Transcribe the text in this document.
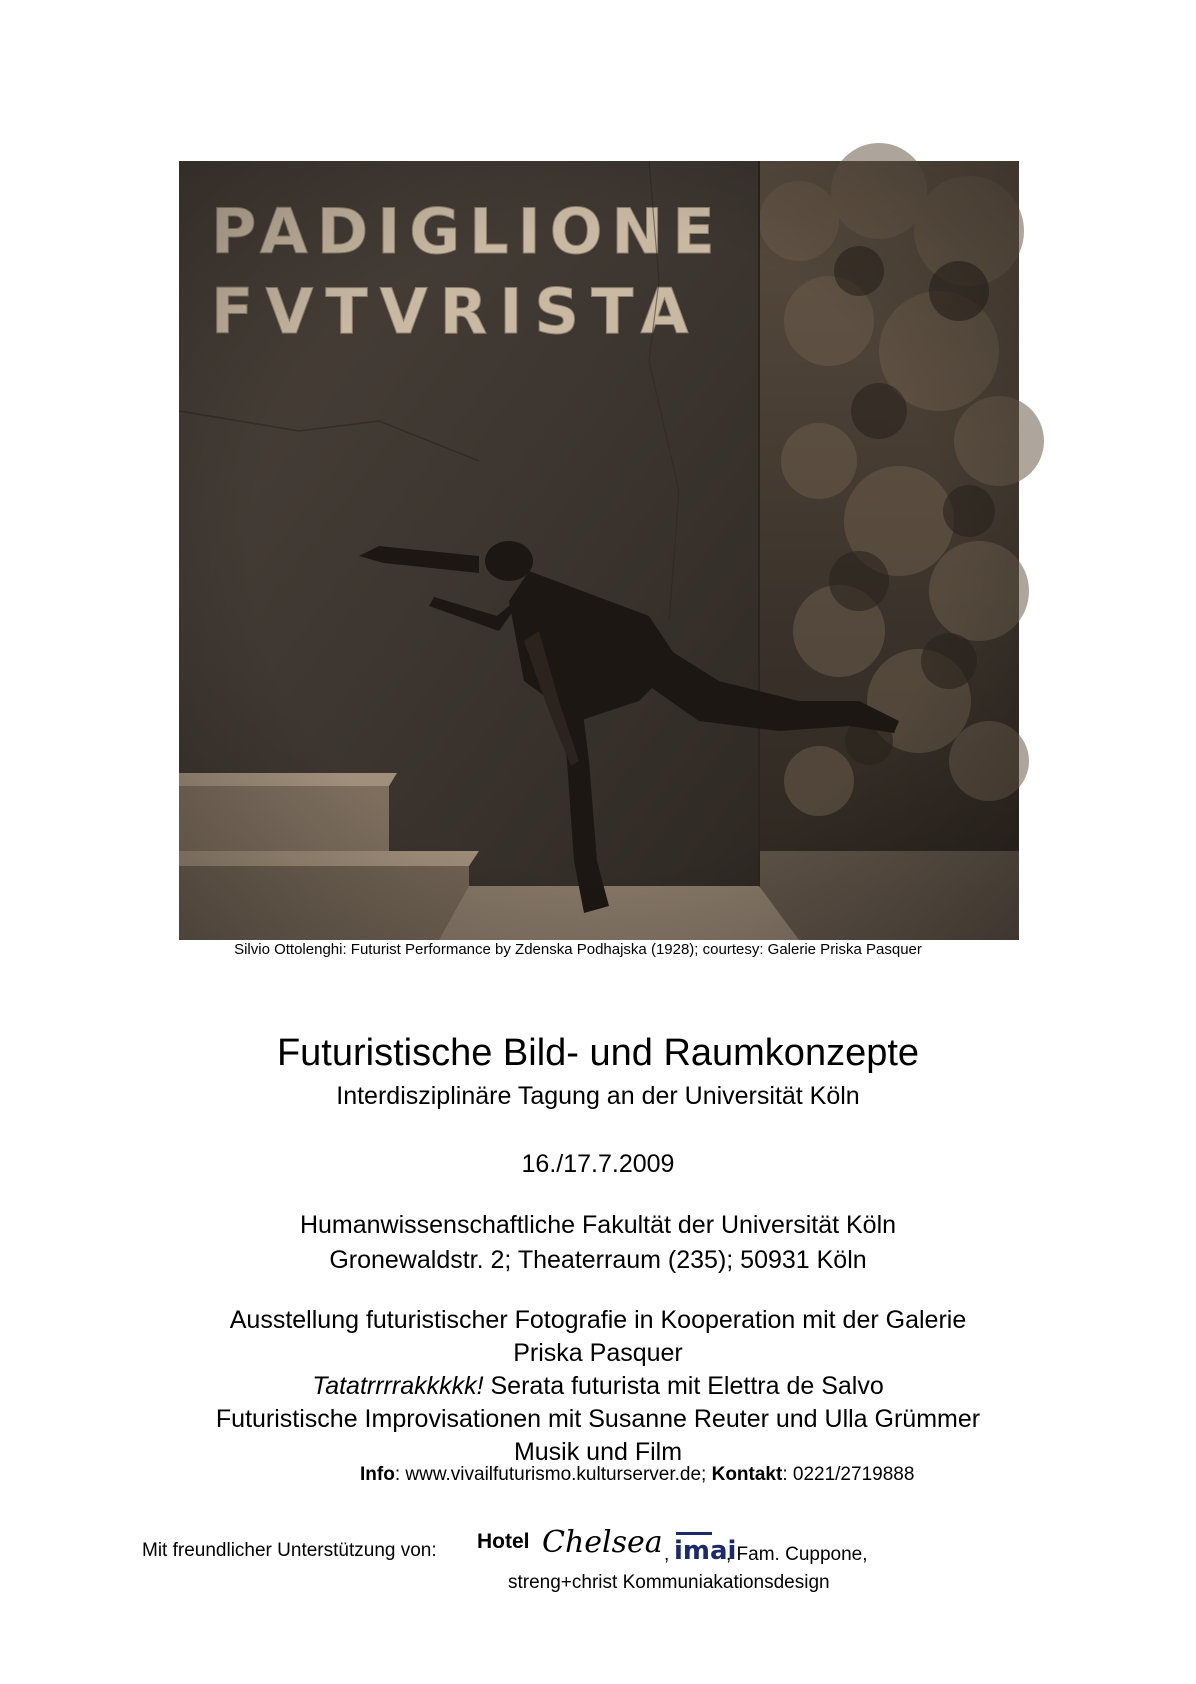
Silvio Ottolenghi: Futurist Performance by Zdenska Podhajska (1928); courtesy: Galerie Priska Pasquer
Futuristische Bild- und Raumkonzepte
Interdisziplinäre Tagung an der Universität Köln
16./17.7.2009
Humanwissenschaftliche Fakultät der Universität Köln
Gronewaldstr. 2; Theaterraum (235); 50931 Köln
Ausstellung futuristischer Fotografie in Kooperation mit der Galerie
Priska Pasquer
Tatatrrrrakkkkk! Serata futurista mit Elettra de Salvo
Futuristische Improvisationen mit Susanne Reuter und Ulla Grümmer
Musik und Film
Info: www.vivailfuturismo.kulturserver.de; Kontakt: 0221/2719888
Mit freundlicher Unterstützung von: Hotel Chelsea , imai
, Fam. Cuppone,
streng+christ Kommuniakationsdesign
